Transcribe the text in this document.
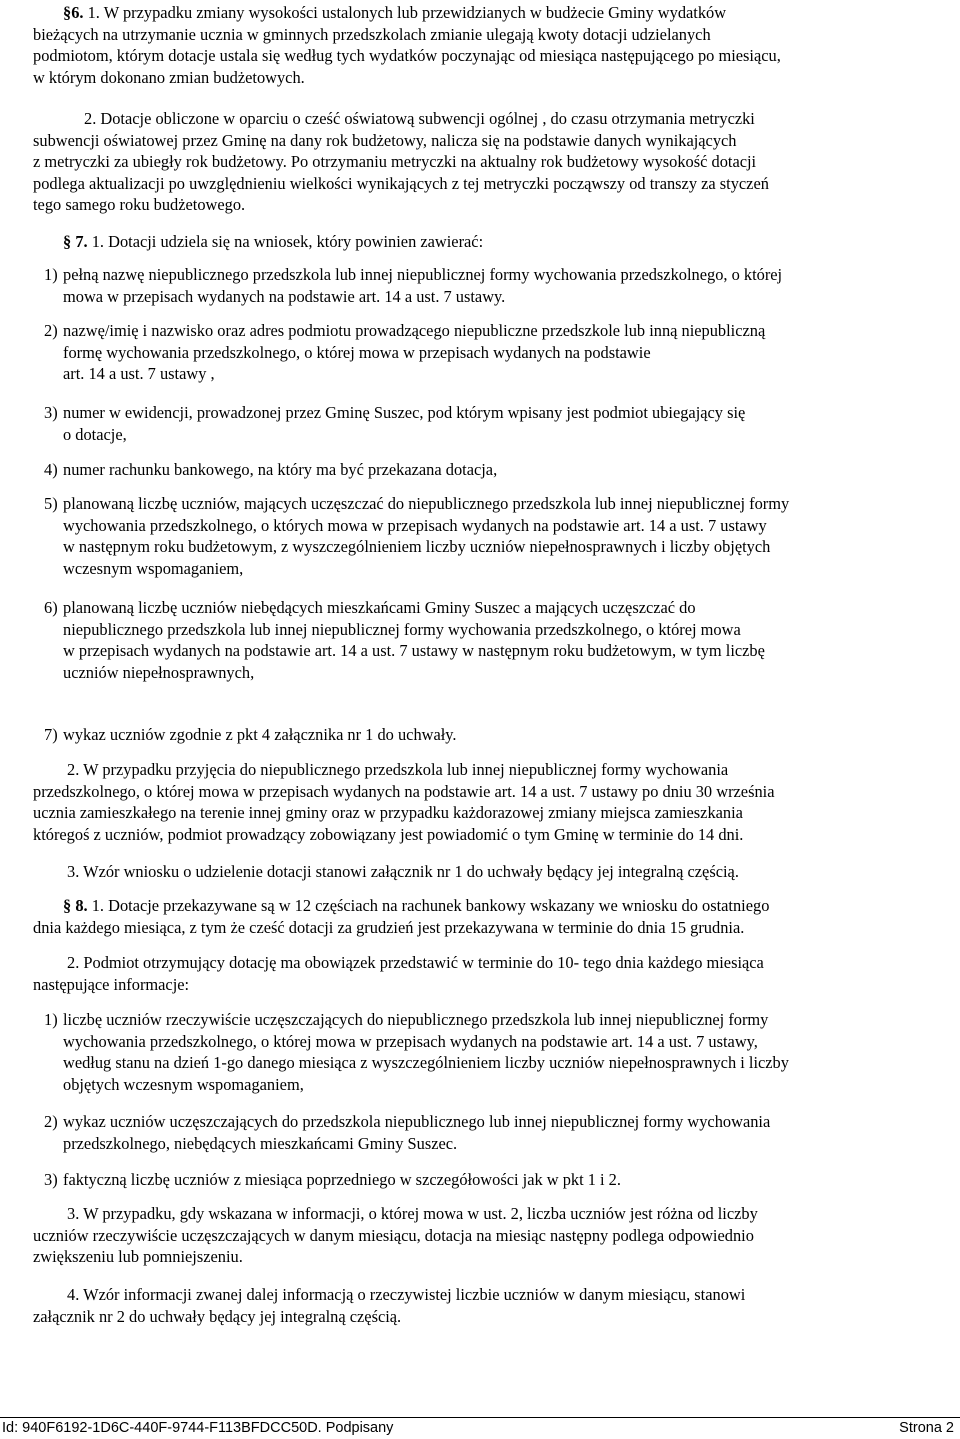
§6. 1. W przypadku zmiany wysokości ustalonych lub przewidzianych w budżecie Gminy wydatków
bieżących na utrzymanie ucznia w gminnych przedszkolach zmianie ulegają kwoty dotacji udzielanych
podmiotom, którym dotacje ustala się według tych wydatków poczynając od miesiąca następującego po miesiącu,
w którym dokonano zmian budżetowych.
2. Dotacje obliczone w oparciu o cześć oświatową subwencji ogólnej , do czasu otrzymania metryczki
subwencji oświatowej przez Gminę na dany rok budżetowy, nalicza się na podstawie danych wynikających
z metryczki za ubiegły rok budżetowy. Po otrzymaniu metryczki na aktualny rok budżetowy wysokość dotacji
podlega aktualizacji po uwzględnieniu wielkości wynikających z tej metryczki począwszy od transzy za styczeń
tego samego roku budżetowego.
§ 7. 1. Dotacji udziela się na wniosek, który powinien zawierać:
1) pełną nazwę niepublicznego przedszkola lub innej niepublicznej formy wychowania przedszkolnego, o której
mowa w przepisach wydanych na podstawie art. 14 a ust. 7 ustawy.
2) nazwę/imię i nazwisko oraz adres podmiotu prowadzącego niepubliczne przedszkole lub inną niepubliczną
formę wychowania przedszkolnego, o której mowa w przepisach wydanych na podstawie
art. 14 a ust. 7 ustawy ,
3) numer w ewidencji, prowadzonej przez Gminę Suszec, pod którym wpisany jest podmiot ubiegający się
o dotacje,
4) numer rachunku bankowego, na który ma być przekazana dotacja,
5) planowaną liczbę uczniów, mających uczęszczać do niepublicznego przedszkola lub innej niepublicznej formy
wychowania przedszkolnego, o których mowa w przepisach wydanych na podstawie art. 14 a ust. 7 ustawy
w następnym roku budżetowym, z wyszczególnieniem liczby uczniów niepełnosprawnych i liczby objętych
wczesnym wspomaganiem,
6) planowaną liczbę uczniów niebędących mieszkańcami Gminy Suszec a mających uczęszczać do
niepublicznego przedszkola lub innej niepublicznej formy wychowania przedszkolnego, o której mowa
w przepisach wydanych na podstawie art. 14 a ust. 7 ustawy w następnym roku budżetowym, w tym liczbę
uczniów niepełnosprawnych,
7) wykaz uczniów zgodnie z pkt 4 załącznika nr 1 do uchwały.
2. W przypadku przyjęcia do niepublicznego przedszkola lub innej niepublicznej formy wychowania
przedszkolnego, o której mowa w przepisach wydanych na podstawie art. 14 a ust. 7 ustawy po dniu 30 września
ucznia zamieszkałego na terenie innej gminy oraz w przypadku każdorazowej zmiany miejsca zamieszkania
któregoś z uczniów, podmiot prowadzący zobowiązany jest powiadomić o tym Gminę w terminie do 14 dni.
3. Wzór wniosku o udzielenie dotacji stanowi załącznik nr 1 do uchwały będący jej integralną częścią.
§ 8. 1. Dotacje przekazywane są w 12 częściach na rachunek bankowy wskazany we wniosku do ostatniego
dnia każdego miesiąca, z tym że cześć dotacji za grudzień jest przekazywana w terminie do dnia 15 grudnia.
2. Podmiot otrzymujący dotację ma obowiązek przedstawić w terminie do 10- tego dnia każdego miesiąca
następujące informacje:
1) liczbę uczniów rzeczywiście uczęszczających do niepublicznego przedszkola lub innej niepublicznej formy
wychowania przedszkolnego, o której mowa w przepisach wydanych na podstawie art. 14 a ust. 7 ustawy,
według stanu na dzień 1-go danego miesiąca z wyszczególnieniem liczby uczniów niepełnosprawnych i liczby
objętych wczesnym wspomaganiem,
2) wykaz uczniów uczęszczających do przedszkola niepublicznego lub innej niepublicznej formy wychowania
przedszkolnego, niebędących mieszkańcami Gminy Suszec.
3) faktyczną liczbę uczniów z miesiąca poprzedniego w szczegółowości jak w pkt 1 i 2.
3. W przypadku, gdy wskazana w informacji, o której mowa w ust. 2, liczba uczniów jest różna od liczby
uczniów rzeczywiście uczęszczających w danym miesiącu, dotacja na miesiąc następny podlega odpowiednio
zwiększeniu lub pomniejszeniu.
4. Wzór informacji zwanej dalej informacją o rzeczywistej liczbie uczniów w danym miesiącu, stanowi
załącznik nr 2 do uchwały będący jej integralną częścią.
Id: 940F6192-1D6C-440F-9744-F113BFDCC50D. Podpisany	Strona 2
